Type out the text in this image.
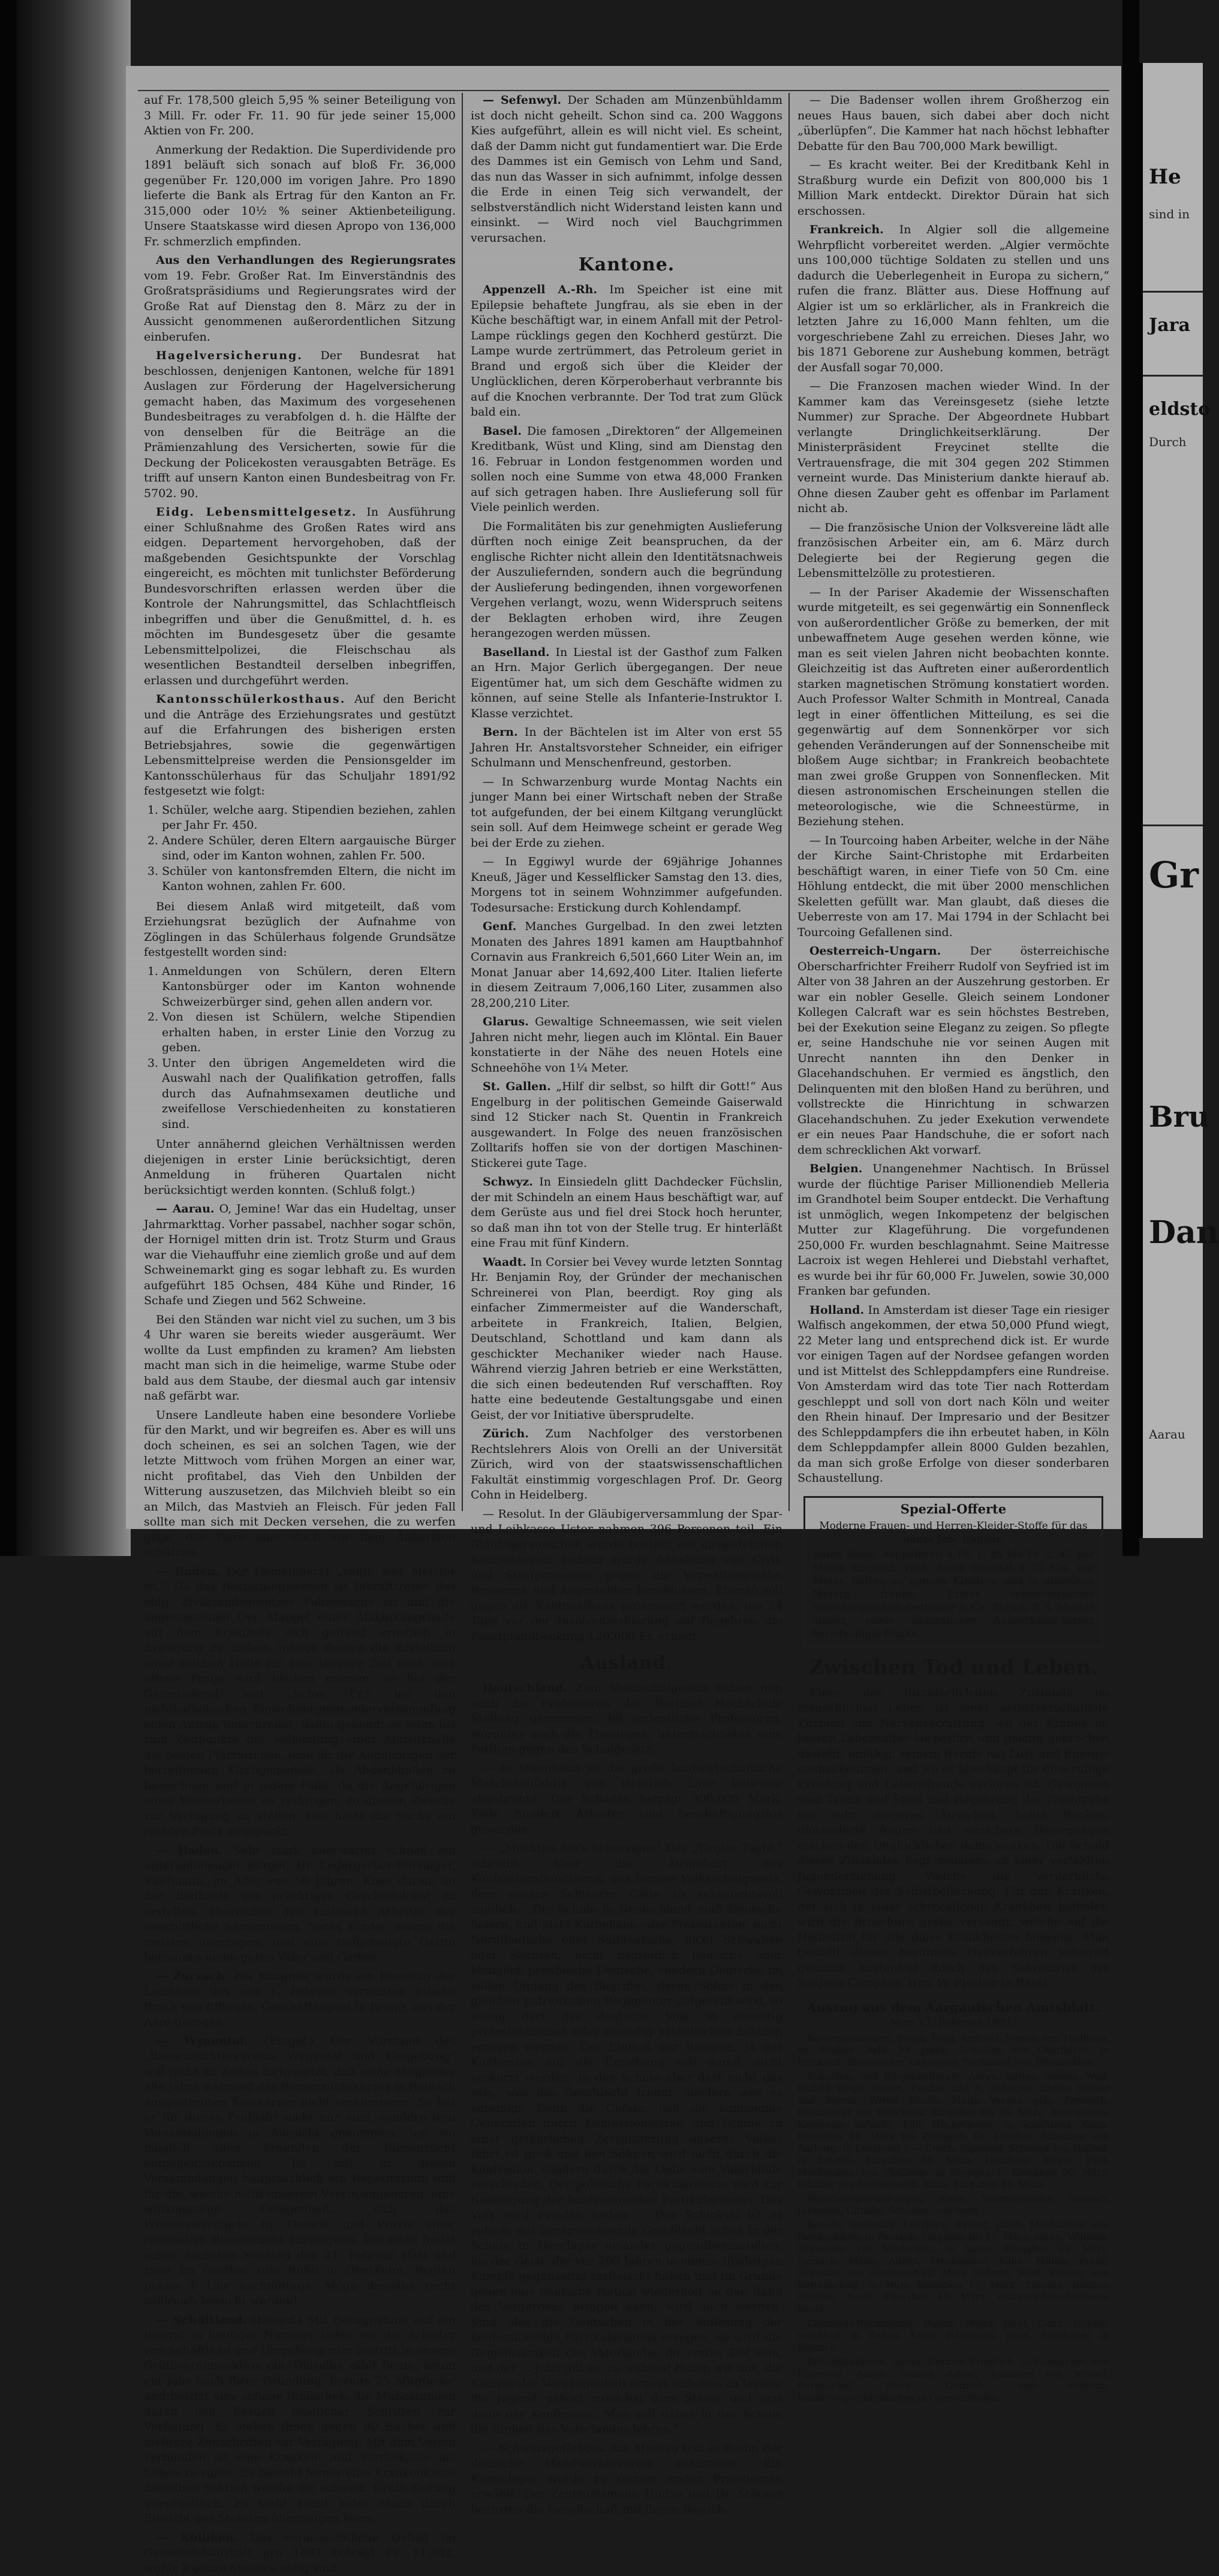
auf Fr. 178,500 gleich 5,95 % seiner Beteiligung von 3 Mill. Fr. oder Fr. 11. 90 für jede seiner 15,000 Aktien von Fr. 200.

Anmerkung der Redaktion. Die Superdividende pro 1891 beläuft sich sonach auf bloß Fr. 36,000 gegenüber Fr. 120,000 im vorigen Jahre. Pro 1890 lieferte die Bank als Ertrag für den Kanton an Fr. 315,000 oder 10½ % seiner Aktienbeteiligung. Unsere Staatskasse wird diesen Apropo von 136,000 Fr. schmerzlich empfinden.

Aus den Verhandlungen des Regierungsrates vom 19. Febr. Großer Rat. Im Einverständnis des Großratspräsidiums und Regierungsrates wird der Große Rat auf Dienstag den 8. März zu der in Aussicht genommenen außerordentlichen Sitzung einberufen.

Hagelversicherung. Der Bundesrat hat beschlossen, denjenigen Kantonen, welche für 1891 Auslagen zur Förderung der Hagelversicherung gemacht haben, das Maximum des vorgesehenen Bundesbeitrages zu verabfolgen d. h. die Hälfte der von denselben für die Beiträge an die Prämienzahlung des Versicherten, sowie für die Deckung der Policekosten verausgabten Beträge. Es trifft auf unsern Kanton einen Bundesbeitrag von Fr. 5702. 90.

Eidg. Lebensmittelgesetz. In Ausführung einer Schlußnahme des Großen Rates wird ans eidgen. Departement hervorgehoben, daß der maßgebenden Gesichtspunkte der Vorschlag eingereicht, es möchten mit tunlichster Beförderung Bundesvorschriften erlassen werden über die Kontrole der Nahrungsmittel, das Schlachtfleisch inbegriffen und über die Genußmittel, d. h. es möchten im Bundesgesetz über die gesamte Lebensmittelpolizei, die Fleischschau als wesentlichen Bestandteil derselben inbegriffen, erlassen und durchgeführt werden.

Kantonsschülerkosthaus. Auf den Bericht und die Anträge des Erziehungsrates und gestützt auf die Erfahrungen des bisherigen ersten Betriebsjahres, sowie die gegenwärtigen Lebensmittelpreise werden die Pensionsgelder im Kantonsschülerhaus für das Schuljahr 1891/92 festgesetzt wie folgt:

1. Schüler, welche aarg. Stipendien beziehen, zahlen per Jahr Fr. 450.
2. Andere Schüler, deren Eltern aargauische Bürger sind, oder im Kanton wohnen, zahlen Fr. 500.
3. Schüler von kantonsfremden Eltern, die nicht im Kanton wohnen, zahlen Fr. 600.

Bei diesem Anlaß wird mitgeteilt, daß vom Erziehungsrat bezüglich der Aufnahme von Zöglingen in das Schülerhaus folgende Grundsätze festgestellt worden sind:

1. Anmeldungen von Schülern, deren Eltern Kantonsbürger oder im Kanton wohnende Schweizerbürger sind, gehen allen andern vor.
2. Von diesen ist Schülern, welche Stipendien erhalten haben, in erster Linie den Vorzug zu geben.
3. Unter den übrigen Angemeldeten wird die Auswahl nach der Qualifikation getroffen, falls durch das Aufnahmsexamen deutliche und zweifellose Verschiedenheiten zu konstatieren sind.

Unter annähernd gleichen Verhältnissen werden diejenigen in erster Linie berücksichtigt, deren Anmeldung in früheren Quartalen nicht berücksichtigt werden konnten. (Schluß folgt.)

— Aarau. O, Jemine! War das ein Hudeltag, unser Jahrmarkttag. Vorher passabel, nachher sogar schön, der Hornigel mitten drin ist. Trotz Sturm und Graus war die Viehauffuhr eine ziemlich große und auf dem Schweinemarkt ging es sogar lebhaft zu. Es wurden aufgeführt 185 Ochsen, 484 Kühe und Rinder, 16 Schafe und Ziegen und 562 Schweine.

Bei den Ständen war nicht viel zu suchen, um 3 bis 4 Uhr waren sie bereits wieder ausgeräumt. Wer wollte da Lust empfinden zu kramen? Am liebsten macht man sich in die heimelige, warme Stube oder bald aus dem Staube, der diesmal auch gar intensiv naß gefärbt war.

Unsere Landleute haben eine besondere Vorliebe für den Markt, und wir begreifen es. Aber es will uns doch scheinen, es sei an solchen Tagen, wie der letzte Mittwoch vom frühen Morgen an einer war, nicht profitabel, das Vieh den Unbilden der Witterung auszusetzen, das Milchvieh bleibt so ein an Milch, das Mastvieh an Fleisch. Für jeden Fall sollte man sich mit Decken versehen, die zu werfen gebe, die Tiere aber doch vor dem Äußersten schützen.

— Baden. Der Gemeinderat „zeigt, wer Meister ist.“ Da das Bestattungswesen ist Inkrafttreten des eidg. Zivilstandsgesetzes Polizeisache ist und die angemessenen Der Mangel einer Abdankungshalle auf dem Friedhofe sich geltend ernstlich in Erwägung zu ziehen, infolge dessen die Erstellung einer solchen Halle für eine längere Zeit noch eine offene Frage wird bleiben müssen, so hat der Gemeinderat laut „Schw. Fr.“ bei den nichtkatholischen Einwohnergemeinderversammlung einen Antrag unterbreitet, dahin gehend: es seien bis zum Zeitpunkte der Vollendung einer Abdankhalle die beiden Pfarrkirchen, jede für die Angehörigen der betreffenden Kirchgemeinde, als Abdankhallen zu bezeichnen und in jedem Falle, da die Angehörigen eines Verstorbenen es verlangen, zu diesem Zwecke zur Verfügung zu stellen. Das heißt die Sache am rechten Fleck angepackt.

— Baden. Sehr stark unerwartet schnell ein unternehmender Bürger, Hr. Ledergerber-Borsinger, Kaufmann, im Alter von 56 Jahren. Eben daran, an der Badhalde ein prächtiges Geschäftslokal zu erstellen, übereichte den rastlosen Arbeiter der unerbittliche Sensenmann. Sechs Kinder, wovon die meisten unerzogen, und eine tiefgebeugte Gattin betrauern einen guten Vater und Gatten.

— Zurzach. Bei Klingnau wurde am Dienstag der Leichnam des seit 1. Februar vermißten Johann Brack von Effingen, Geschäftsagent in Brugg, aus der Aare gezogen.

— Wynental. (Eingef.) Der Vorstand des „Bienenzüchtervereins Wynental und Umgebung“ will nicht zu Zeiten fortgesetzt, daß seine Mitglieder alle Jahre während des Bienenzuchtkurses in Reinach ausgestreuten Saatkörner nicht verkümmern. So hat er für dieses Frühjahr nicht nur eine, sondern drei Versammlungen in Aussicht genommen, um wo möglich allen Freunden der Bienenzucht entgegenzukommen. Es soll in diesen Versammlungen hauptsächlich ein Repetitorium und für die, welche nicht unserem Verein angehören, eine willkommene Gelegenheit, sich das Wissenswürdigste in Theorie und Praxis einer rationellen Bienenzucht anzueignen. Die erste findet schon nächsten Sonntag den 21. Februar statt und zwar im Gasthof zum Rößli in Oberkulm. Beginn präzis 1 Uhr nachmittags. Möge dieselbe recht zahlreich besucht werden!

— Schöftland. (Eingef.) Mit Bezugnahme auf ein Inserat in heutiger Nummer laden wir die Arbeiter von Schöftland und Umgebung zum Beitritt in unsere Grütlivereinssektion ein. Dieselbe zählt heute, kaum ein Jahr nach ihrer Gründung, bereits 25 Mitglieder und besitzt eine schöne Bibliothek, die Mußestunden durch den Besuch möglicher Schriften zur Verfügung. Es stehen ihnen gegen 80 Bücher und mehrere Zeitschriften zur Verfügung. Mit dem Verein verbunden ist eine Kranken- und Sterbekasse ins Leben zu rufen. Es besteht ferner eine Krankenkasse dieselben Sektion welche die schweiz. Grütli-Zeitung unentgeltlich. Es steht somit jeder Mann durch Einsicht der Statuten überzeugen kann.

— Kölliken. Das voraussichtliche Defizit im Gemeindehaushalt pro 1892 beträgt Fr. 11,882, wofür 2 ganze Steuern nötig sind.

— Sefenwyl. Der Schaden am Münzenbühldamm ist doch nicht geheilt. Schon sind ca. 200 Waggons Kies aufgeführt, allein es will nicht viel. Es scheint, daß der Damm nicht gut fundamentiert war. Die Erde des Dammes ist ein Gemisch von Lehm und Sand, das nun das Wasser in sich aufnimmt, infolge dessen die Erde in einen Teig sich verwandelt, der selbstverständlich nicht Widerstand leisten kann und einsinkt. — Wird noch viel Bauchgrimmen verursachen.

Kantone.

Appenzell A.-Rh. Im Speicher ist eine mit Epilepsie behaftete Jungfrau, als sie eben in der Küche beschäftigt war, in einem Anfall mit der Petrol-Lampe rücklings gegen den Kochherd gestürzt. Die Lampe wurde zertrümmert, das Petroleum geriet in Brand und ergoß sich über die Kleider der Unglücklichen, deren Körperoberhaut verbrannte bis auf die Knochen verbrannte. Der Tod trat zum Glück bald ein.

Basel. Die famosen „Direktoren“ der Allgemeinen Kreditbank, Wüst und Kling, sind am Dienstag den 16. Februar in London festgenommen worden und sollen noch eine Summe von etwa 48,000 Franken auf sich getragen haben. Ihre Auslieferung soll für Viele peinlich werden.

Die Formalitäten bis zur genehmigten Auslieferung dürften noch einige Zeit beanspruchen, da der englische Richter nicht allein den Identitätsnachweis der Auszuliefernden, sondern auch die begründung der Auslieferung bedingenden, ihnen vorgeworfenen Vergehen verlangt, wozu, wenn Widerspruch seitens der Beklagten erhoben wird, ihre Zeugen herangezogen werden müssen.

Baselland. In Liestal ist der Gasthof zum Falken an Hrn. Major Gerlich übergegangen. Der neue Eigentümer hat, um sich dem Geschäfte widmen zu können, auf seine Stelle als Infanterie-Instruktor I. Klasse verzichtet.

Bern. In der Bächtelen ist im Alter von erst 55 Jahren Hr. Anstaltsvorsteher Schneider, ein eifriger Schulmann und Menschenfreund, gestorben.

— In Schwarzenburg wurde Montag Nachts ein junger Mann bei einer Wirtschaft neben der Straße tot aufgefunden, der bei einem Kiltgang verunglückt sein soll. Auf dem Heimwege scheint er gerade Weg bei der Erde zu ziehen.

— In Eggiwyl wurde der 69jährige Johannes Kneuß, Jäger und Kesselflicker Samstag den 13. dies, Morgens tot in seinem Wohnzimmer aufgefunden. Todesursache: Erstickung durch Kohlendampf.

Genf. Manches Gurgelbad. In den zwei letzten Monaten des Jahres 1891 kamen am Hauptbahnhof Cornavin aus Frankreich 6,501,660 Liter Wein an, im Monat Januar aber 14,692,400 Liter. Italien lieferte in diesem Zeitraum 7,006,160 Liter, zusammen also 28,200,210 Liter.

Glarus. Gewaltige Schneemassen, wie seit vielen Jahren nicht mehr, liegen auch im Klöntal. Ein Bauer konstatierte in der Nähe des neuen Hotels eine Schneehöhe von 1¼ Meter.

St. Gallen. „Hilf dir selbst, so hilft dir Gott!“ Aus Engelburg in der politischen Gemeinde Gaiserwald sind 12 Sticker nach St. Quentin in Frankreich ausgewandert. In Folge des neuen französischen Zolltarifs hoffen sie von der dortigen Maschinen-Stickerei gute Tage.

Schwyz. In Einsiedeln glitt Dachdecker Füchslin, der mit Schindeln an einem Haus beschäftigt war, auf dem Gerüste aus und fiel drei Stock hoch herunter, so daß man ihn tot von der Stelle trug. Er hinterläßt eine Frau mit fünf Kindern.

Waadt. In Corsier bei Vevey wurde letzten Sonntag Hr. Benjamin Roy, der Gründer der mechanischen Schreinerei von Plan, beerdigt. Roy ging als einfacher Zimmermeister auf die Wanderschaft, arbeitete in Frankreich, Italien, Belgien, Deutschland, Schottland und kam dann als geschickter Mechaniker wieder nach Hause. Während vierzig Jahren betrieb er eine Werkstätten, die sich einen bedeutenden Ruf verschafften. Roy hatte eine bedeutende Gestaltungsgabe und einen Geist, der vor Initiative übersprudelte.

Zürich. Zum Nachfolger des verstorbenen Rechtslehrers Alois von Orelli an der Universität Zürich, wird von der staatswissenschaftlichen Fakultät einstimmig vorgeschlagen Prof. Dr. Georg Cohn in Heidelberg.

— Resolut. In der Gläubigerversammlung der Spar- und Leihkasse Uster nahmen 396 Personen teil. Ein Gläubigerausschuß wurde bestellt mit ausgedehnten Kompetenzen; sodann wurde Anhebung von Civil- und Strafprozessen gegen die Verwaltungsräte, Revisoren und Angestellten beschlossen. Ebenso soll gegen die Kantonalbank prozessiert werden, die 24 Tage vor der Insolvenzerklärung auf Begehren um Faustpfandbeckung 120,000 Fr. erhielt.

Ausland.

Deutschland. Zum Volksschulgesetz haben nun auch die Professoren der Berliner Hochschule Stellung genommen; 69 ordentliche Professoren, worunter auch die Theologen, unterzeichneten eine Petition gegen das Schulgesetz.

— In Mannheim ist die große landwirtschaftliche Maschinenfabrik von Heinrich Lanz teilweise abgebrannt. Der Schaden beträgt 300,000 Mark. Viele hundert Arbeiter sind beschäftigungslos geworden.

— „Möchten Sie's beherzigen! Das „Tiroler Tagbl.“ schreibt über die Ausgeburt des Konfessionsfanatismus, das famose Volksschulgesetz, dem unsere Schwarze Gilde so sehnsuchtsvoll zujubelt: „Die Schule in Deutschland muß Deutsche liefern, und nicht Katholiken oder Protestanten, nicht Norddeutsche oder Süddeutsche, nicht Schwaben oder Sachsen, nicht begreiflich badische oder königlich preußische Deutsche, sondern Deutsche im vollen Umfang des Begriffes, deren Söhne in den gleichen patriotischen Regimenter aufgeteilt wird, so wenig darf das deutsche Volk in einseitig protestantischen oder einseitig katholischen Schulen erzogen werden. Der Einfluß der Religion, ja der Konfession auf die Erziehung soll damit nicht verkürzt werden; in der Schule aber darf nicht das sein, was das Geschlecht trennt, sondern was es vereinigt. Denn die Gefahr, daß die kommende Generation durch Konfessionsstreit und Schule zu einer gefährlichen Zersplitterung unseres Volkes führt ist groß und den Söhnen wird nicht durch die Konfession, sondern durch die Liebe zum Vaterlande entschieden. Der politische Partikularismus wird zur Beseitigung der konfessionellen Partikularismus. Das Volk wird Frieden finden ... Das Schicksal ist es jedoch, das heranwachsende Geschlecht schon in der Schule in Heerlager einander gegenüberzustellen, bis der Geist, der vor 200 Jahren in einem 30jährigen Kampfe gegenseitig zerfleischt haben und im Grunde gegen eine deutsche Nation wiederholt an den Rand des Verderbens bringen kann, wird auch werden. Sind also die Deutschen in der Auflösung der konfessionellen Partikularismus erzogen, so wird die Gemeinsamkeit des Vaterlandes ihr erstes Ziel sein, und der ... Jetzt gilt es, zu wählen! Hüten wir uns, die Kämpfe der Vergangenheit erneut aufleben zu lassen; die Jugend gehört zunächst dem Staate und erst dann der Konfession. Man soll daher in der Schule die Einheit des Vaterlandes lehren.“

— Schwarzgefärbtes. Am Montag trat in Berlin der deutsche Handwerkerverein zusammen. Ein Kaminfeger wurde zu seinem ersten Präsidenten erwählt. Der Zentrumsmann Hintze und Dr. Stöcker beehrten die Gesellschaft mit ihrem Besuch.

— Die Badenser wollen ihrem Großherzog ein neues Haus bauen, sich dabei aber doch nicht „überlüpfen“. Die Kammer hat nach höchst lebhafter Debatte für den Bau 700,000 Mark bewilligt.

— Es kracht weiter. Bei der Kreditbank Kehl in Straßburg wurde ein Defizit von 800,000 bis 1 Million Mark entdeckt. Direktor Dürain hat sich erschossen.

Frankreich. In Algier soll die allgemeine Wehrpflicht vorbereitet werden. „Algier vermöchte uns 100,000 tüchtige Soldaten zu stellen und uns dadurch die Ueberlegenheit in Europa zu sichern,“ rufen die franz. Blätter aus. Diese Hoffnung auf Algier ist um so erklärlicher, als in Frankreich die letzten Jahre zu 16,000 Mann fehlten, um die vorgeschriebene Zahl zu erreichen. Dieses Jahr, wo bis 1871 Geborene zur Aushebung kommen, beträgt der Ausfall sogar 70,000.

— Die Franzosen machen wieder Wind. In der Kammer kam das Vereinsgesetz (siehe letzte Nummer) zur Sprache. Der Abgeordnete Hubbart verlangte Dringlichkeitserklärung. Der Ministerpräsident Freycinet stellte die Vertrauensfrage, die mit 304 gegen 202 Stimmen verneint wurde. Das Ministerium dankte hierauf ab. Ohne diesen Zauber geht es offenbar im Parlament nicht ab.

— Die französische Union der Volksvereine lädt alle französischen Arbeiter ein, am 6. März durch Delegierte bei der Regierung gegen die Lebensmittelzölle zu protestieren.

— In der Pariser Akademie der Wissenschaften wurde mitgeteilt, es sei gegenwärtig ein Sonnenfleck von außerordentlicher Größe zu bemerken, der mit unbewaffnetem Auge gesehen werden könne, wie man es seit vielen Jahren nicht beobachten konnte. Gleichzeitig ist das Auftreten einer außerordentlich starken magnetischen Strömung konstatiert worden. Auch Professor Walter Schmith in Montreal, Canada legt in einer öffentlichen Mitteilung, es sei die gegenwärtig auf dem Sonnenkörper vor sich gehenden Veränderungen auf der Sonnenscheibe mit bloßem Auge sichtbar; in Frankreich beobachtete man zwei große Gruppen von Sonnenflecken. Mit diesen astronomischen Erscheinungen stellen die meteorologische, wie die Schneestürme, in Beziehung stehen.

— In Tourcoing haben Arbeiter, welche in der Nähe der Kirche Saint-Christophe mit Erdarbeiten beschäftigt waren, in einer Tiefe von 50 Cm. eine Höhlung entdeckt, die mit über 2000 menschlichen Skeletten gefüllt war. Man glaubt, daß dieses die Ueberreste von am 17. Mai 1794 in der Schlacht bei Tourcoing Gefallenen sind.

Oesterreich-Ungarn. Der österreichische Oberscharfrichter Freiherr Rudolf von Seyfried ist im Alter von 38 Jahren an der Auszehrung gestorben. Er war ein nobler Geselle. Gleich seinem Londoner Kollegen Calcraft war es sein höchstes Bestreben, bei der Exekution seine Eleganz zu zeigen. So pflegte er, seine Handschuhe nie vor seinen Augen mit Unrecht nannten ihn den Denker in Glacehandschuhen. Er vermied es ängstlich, den Delinquenten mit den bloßen Hand zu berühren, und vollstreckte die Hinrichtung in schwarzen Glacehandschuhen. Zu jeder Exekution verwendete er ein neues Paar Handschuhe, die er sofort nach dem schrecklichen Akt vorwarf.

Belgien. Unangenehmer Nachtisch. In Brüssel wurde der flüchtige Pariser Millionendieb Melleria im Grandhotel beim Souper entdeckt. Die Verhaftung ist unmöglich, wegen Inkompetenz der belgischen Mutter zur Klageführung. Die vorgefundenen 250,000 Fr. wurden beschlagnahmt. Seine Maitresse Lacroix ist wegen Hehlerei und Diebstahl verhaftet, es wurde bei ihr für 60,000 Fr. Juwelen, sowie 30,000 Franken bar gefunden.

Holland. In Amsterdam ist dieser Tage ein riesiger Walfisch angekommen, der etwa 50,000 Pfund wiegt, 22 Meter lang und entsprechend dick ist. Er wurde vor einigen Tagen auf der Nordsee gefangen worden und ist Mittelst des Schleppdampfers eine Rundreise. Von Amsterdam wird das tote Tier nach Rotterdam geschleppt und soll von dort nach Köln und weiter den Rhein hinauf. Der Impresario und der Besitzer des Schleppdampfers die ihn erbeutet haben, in Köln dem Schleppdampfer allein 8000 Gulden bezahlen, da man sich große Erfolge von dieser sonderbaren Schaustellung.

Spezial-Offerte
Moderne Frauen- und Herren-Kleider-Stoffe für das ganze Jahr tragbar.
Reine Wolle, doppelbreit à Fr. 1. 45 bis Fr. 2. 45 per Meter. Englisch Tuch, beste Qualität à 75 Cts. per Meter, liefern zu ganzen Kleidern und in einzelnen Metern franko. Erstes schweizerisches Versandtgeschäft Oettinger & Co, Zürich. P. S. Muster obiger, sowie sämmtlicher Auskerkaufs-Serien bereitwilligst franko.
Zwischen Tod und Leben.

Einer der fürchterlichsten Zustände im menschlichen Leben ist jener selbstverschuldete Zustand von Nervenzerrüttung, wo der Kranke im besten Lebensalter körperlich und geistig gebrochen dasteht, unfähig, seinem Berufe mit Lust und Energie nachzukommen, und wo er überhaupt für eine ruhige Erholung und Lebensfreude verloren ist. Gewonnen sind Trunk und Spiel und Begehrung der Nachtruhe ein sehr mageres Aussehen, hohle Backen, umränderte Augen und unsichere Bewegungen machen den Unglücklichen dahinwanken. Die Schuld dieses Zustandes liegt meistens an einer verfehlten Jugenderziehung. Welche die verderbliche Gewohnheit der Selbstbefleckung. Für den Kranken, der sich in jener schrecklichen Krankheit befindet, wird die Broschüre gratis versandt, welche auf die Heilmittel für alle diese Krankheiten hinweist. Man bestellt dieses berühmte Heilverfahren jederzeit gänzlich kostenfrei durch das Sekretariat der Sanjana Company, Hrn. W. Fischer in Basel.

Auszug aus dem Aargauischen Amtsblatt.
Vom 13. Februar 1891.

Bevormundungen. Brugg. Ging, Andreas, Nagler, von Thalheim, im Riniken. Aebi, Fr. Jakob, Schuster, von Oberflachs, in Hitzkirch. Rheinfelden. Grauwiler, Ferdinand, von Rheinfelden.

Schulden- und Bürgschaftsrufe. Aarau. Sutter, Steiner, Wolf, Rudolf, Wegli, Sigrist, Fischer und A. Zofingen. Ehrler, Waiser und Wernli, Witwe Bächli, Maria Verena geb. Zimmerli, Baumeister von Wöschnau. Eingaben bis 26. März. Bremgarten. Kantonale Aufsicht, Egli, Hochwürden, in Schöftland. Kulm. Eingaben 24. März bei Zofingen, Dr. Lüscher, Scheuner von Aarburg, in Lenzburg † — Urech, Sigmund, Schmied von Hallwil, in Zetzwil. Eingaben 30. März. Lenzburg. Meyer, Paul, Mechaniker, von Thalheim, in Seengen †. Eingaben 26. März. Inhaber von Bordemwald. Kulm. Eingaben 31. März.

Wirtshausgantsübungen. Kulm. Sommerhalder, Gottlieb, Johannes, Giltlifte, Schuster, von Burg.

Benefiz. Inventarii. Lenzburg. Byland, Jakob, Mechaniker, von Hendschiken, in Reinach. Eingaben bis 15. März. Aarau. Wilhelm, Schneider, von Niederlenz, in Aarau. Eingaben 25. März. Zurzach. Meier, Albert, Mechaniker. Kulm. Müller, Franz, Schuster, von Gontenschwil. Muri. Schmid, Josef, Krämer, von Rottenschwil, in Muri. Eingaben 17. März. Zurzach. Rauber, Gottlieb. Basel. Eingaben 19. März. Zivilgerichtsschreiberei Basel.

Geldstags-Rücknahme. Baden. Meier, Josef, Cohn, Gypser, wohnhaft in Baden. Kulm. Hämmerli, Josef, Fuhrhalter in Reinach.

Rehabilitationen. Aarau. Kramer, Friedrich, Schuhmacher, von Eggenwil. Aarau. Steiner, Alfred, Johannes von Birrwil, Bureauchef. Blum, Gottlieb, und Wilhelm, Kinderwagenfabrikanten in Oberentfelden.

He
sind in
Jara
eldsto
Durch
Gr
Bru
Dan
Aarau
